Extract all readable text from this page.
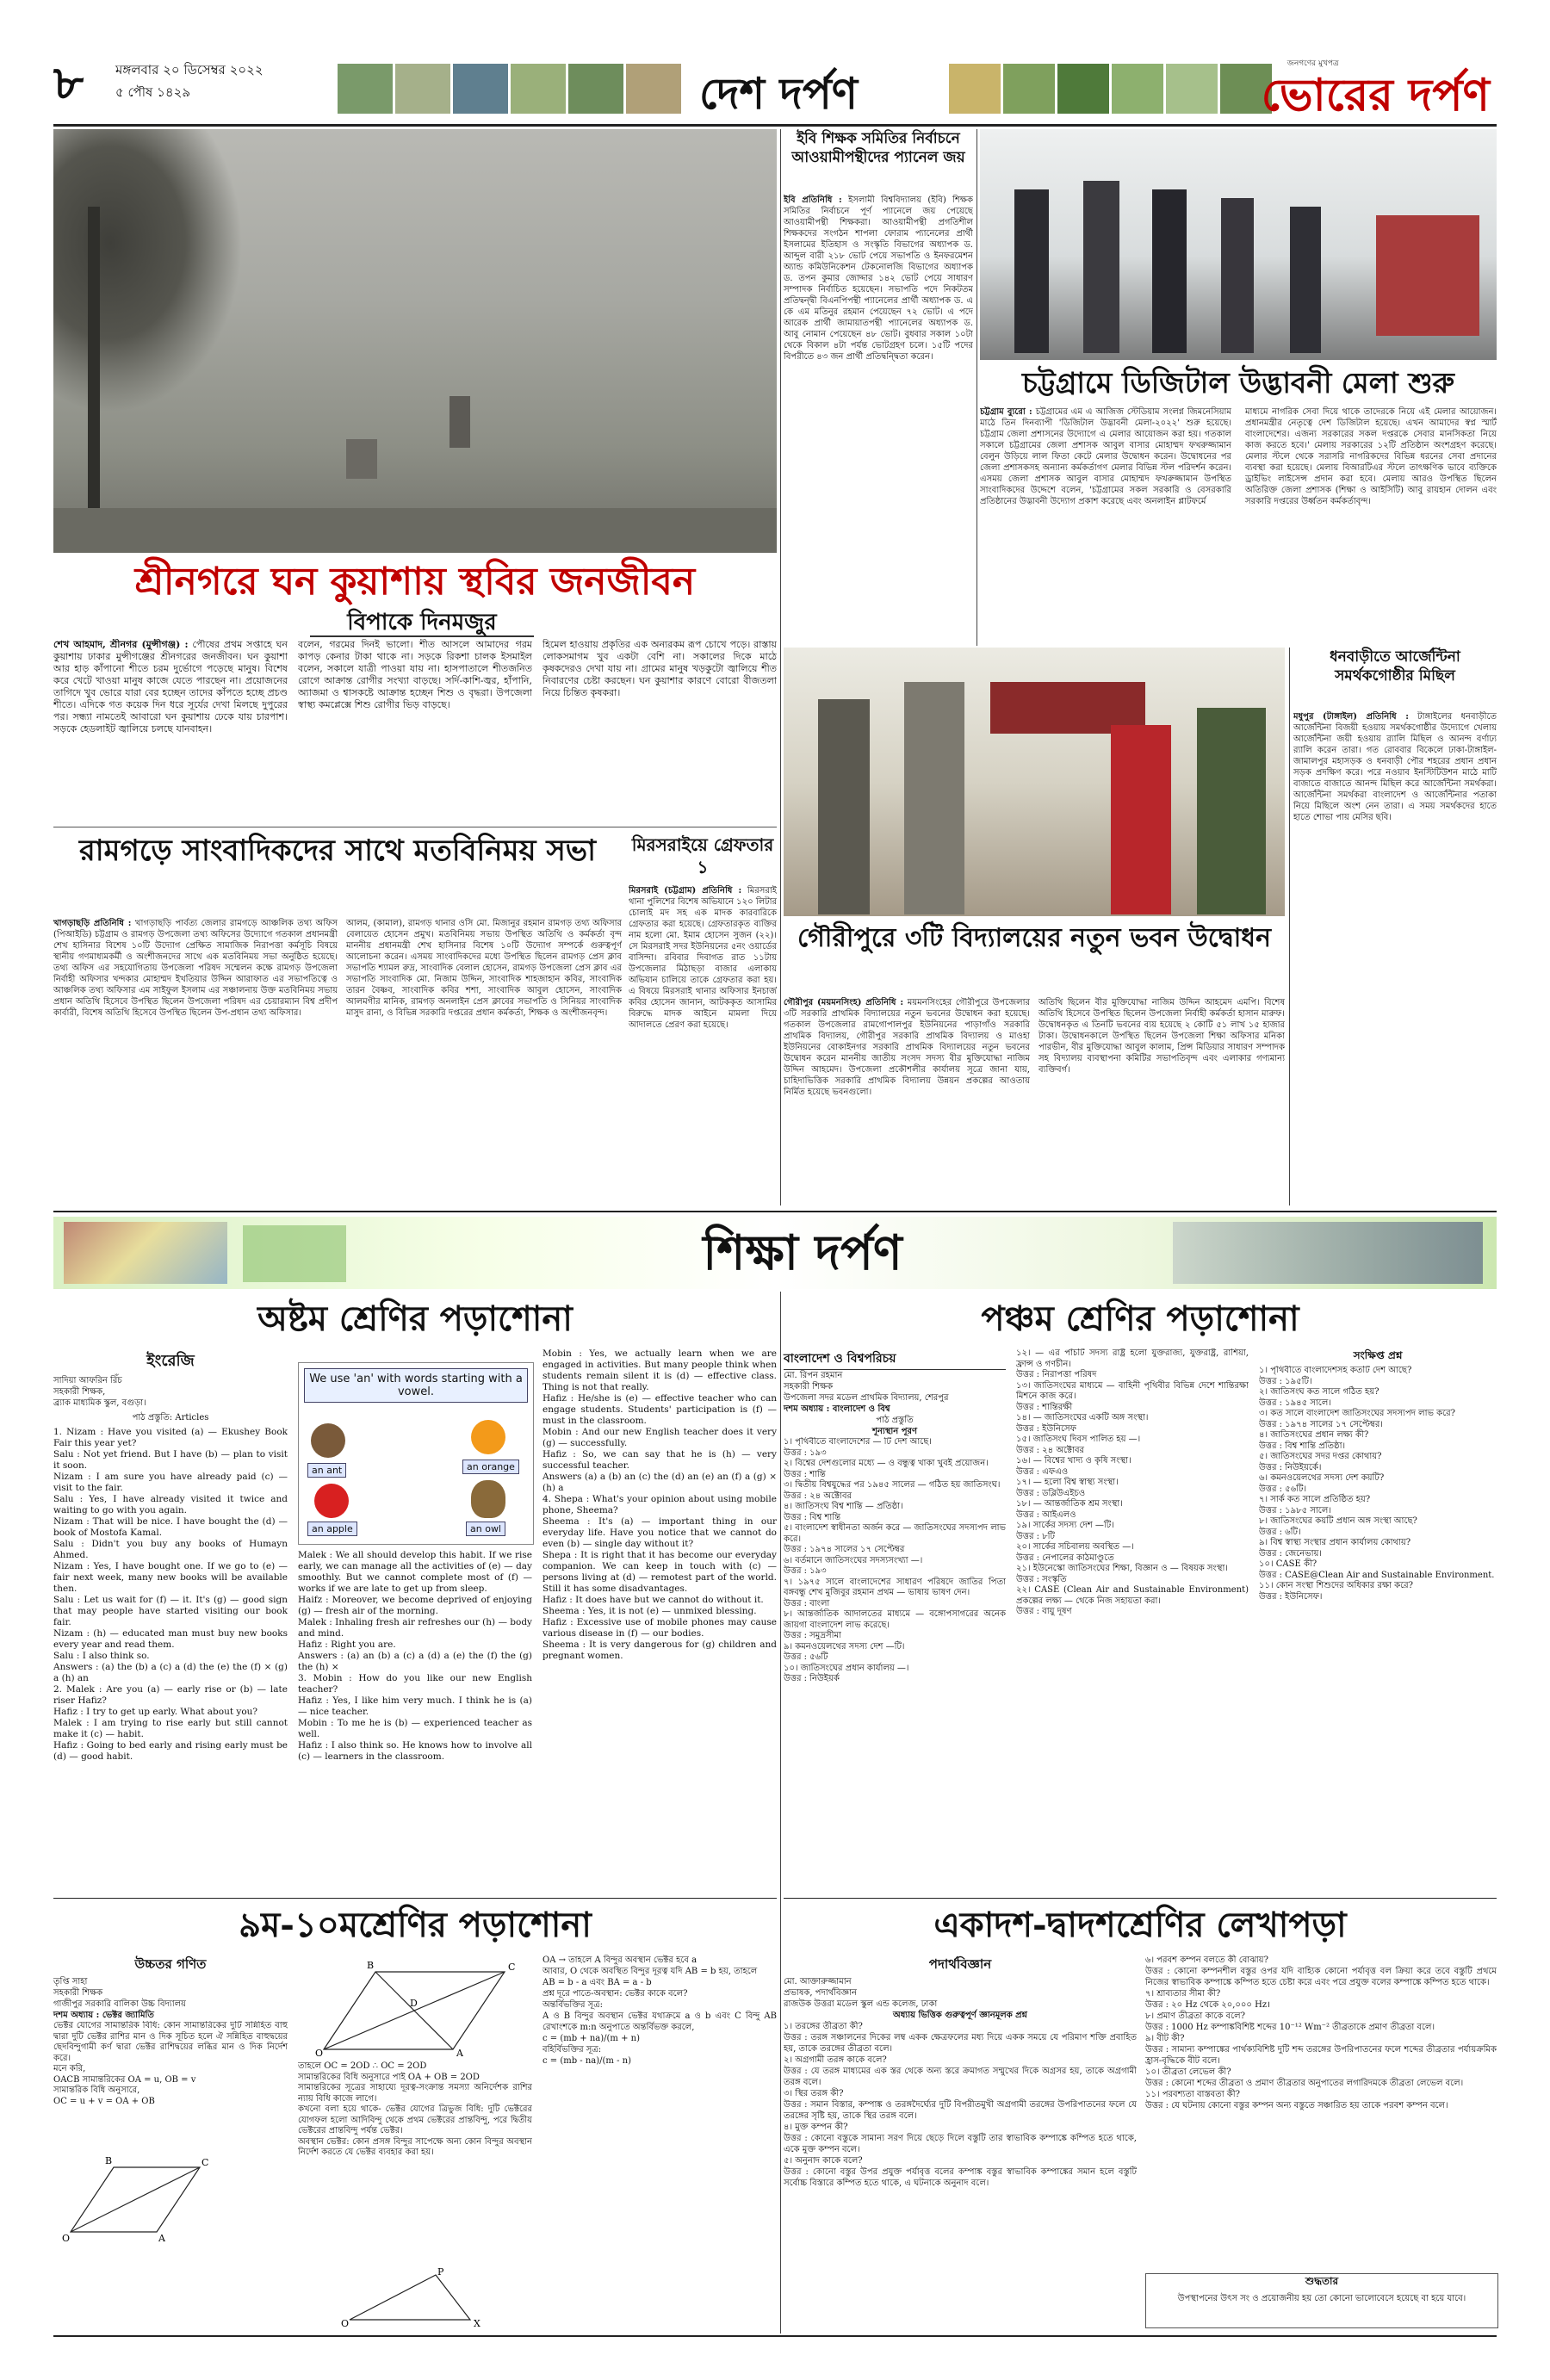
৮	মঙ্গলবার ২০ ডিসেম্বর ২০২২
৫ পৌষ ১৪২৯	দেশ দর্পণ
জনগণের মুখপত্র
ভোরের দর্পণ
শ্রীনগরে ঘন কুয়াশায় স্থবির জনজীবন
বিপাকে দিনমজুর
শেখ আহমাদ, শ্রীনগর (মুন্সীগঞ্জ) : পৌষের প্রথম সপ্তাহে ঘন কুয়াশায় ঢাকার মুন্সীগঞ্জের শ্রীনগরের জনজীবন। ঘন কুয়াশা আর হাড় কাঁপানো শীতে চরম দুর্ভোগে পড়েছে মানুষ। বিশেষ করে খেটে খাওয়া মানুষ কাজে যেতে পারছেন না। প্রয়োজনের তাগিদে খুব ভোরে যারা বের হচ্ছেন তাদের কাঁপতে হচ্ছে প্রচণ্ড শীতে। এদিকে গত কয়েক দিন ধরে সূর্যের দেখা মিলছে দুপুরের পর। সন্ধ্যা নামতেই আবারো ঘন কুয়াশায় ঢেকে যায় চারপাশ। সড়কে হেডলাইট জ্বালিয়ে চলছে যানবাহন।
বলেন, গরমের দিনই ভালো। শীত আসলে আমাদের গরম কাপড় কেনার টাকা থাকে না। সড়কে রিকশা চালক ইসমাইল বলেন, সকালে যাত্রী পাওয়া যায় না। হাসপাতালে শীতজনিত রোগে আক্রান্ত রোগীর সংখ্যা বাড়ছে। সর্দি-কাশি-জ্বর, হাঁপানি, অ্যাজমা ও শ্বাসকষ্টে আক্রান্ত হচ্ছেন শিশু ও বৃদ্ধরা। উপজেলা স্বাস্থ্য কমপ্লেক্সে শিশু রোগীর ভিড় বাড়ছে।
হিমেল হাওয়ায় প্রকৃতির এক অন্যরকম রূপ চোখে পড়ে। রাস্তায় লোকসমাগম খুব একটা বেশি না। সকালের দিকে মাঠে কৃষকদেরও দেখা যায় না। গ্রামের মানুষ খড়কুটো জ্বালিয়ে শীত নিবারণের চেষ্টা করছেন। ঘন কুয়াশার কারণে বোরো বীজতলা নিয়ে চিন্তিত কৃষকরা।
ইবি শিক্ষক সমিতির নির্বাচনে আওয়ামীপন্থীদের প্যানেল জয়
ইবি প্রতিনিধি : ইসলামী বিশ্ববিদ্যালয় (ইবি) শিক্ষক সমিতির নির্বাচনে পূর্ণ প্যানেলে জয় পেয়েছে আওয়ামীপন্থী শিক্ষকরা। আওয়ামীপন্থী প্রগতিশীল শিক্ষকদের সংগঠন শাপলা ফোরাম প্যানেলের প্রার্থী ইসলামের ইতিহাস ও সংস্কৃতি বিভাগের অধ্যাপক ড. আব্দুল বারী ২১৮ ভোট পেয়ে সভাপতি ও ইনফরমেশন অ্যান্ড কমিউনিকেশন টেকনোলজি বিভাগের অধ্যাপক ড. তপন কুমার জোদ্দার ১৪২ ভোট পেয়ে সাধারণ সম্পাদক নির্বাচিত হয়েছেন। সভাপতি পদে নিকটতম প্রতিদ্বন্দ্বী বিএনপিপন্থী প্যানেলের প্রার্থী অধ্যাপক ড. এ কে এম মতিনুর রহমান পেয়েছেন ৭২ ভোট। এ পদে আরেক প্রার্থী জামায়াতপন্থী প্যানেলের অধ্যাপক ড. আবু নোমান পেয়েছেন ৪৮ ভোট। বুধবার সকাল ১০টা থেকে বিকাল ৪টা পর্যন্ত ভোটগ্রহণ চলে। ১৫টি পদের বিপরীতে ৪৩ জন প্রার্থী প্রতিদ্বন্দ্বিতা করেন।
চট্টগ্রামে ডিজিটাল উদ্ভাবনী মেলা শুরু
চট্টগ্রাম ব্যুরো : চট্টগ্রামের এম এ আজিজ স্টেডিয়াম সংলগ্ন জিমনেসিয়াম মাঠে তিন দিনব্যাপী 'ডিজিটাল উদ্ভাবনী মেলা-২০২২' শুরু হয়েছে। চট্টগ্রাম জেলা প্রশাসনের উদ্যোগে এ মেলার আয়োজন করা হয়। গতকাল সকালে চট্টগ্রামের জেলা প্রশাসক আবুল বাসার মোহাম্মদ ফখরুজ্জামান বেলুন উড়িয়ে লাল ফিতা কেটে মেলার উদ্বোধন করেন। উদ্বোধনের পর জেলা প্রশাসকসহ অন্যান্য কর্মকর্তাগণ মেলার বিভিন্ন স্টল পরিদর্শন করেন। এসময় জেলা প্রশাসক আবুল বাসার মোহাম্মদ ফখরুজ্জামান উপস্থিত সাংবাদিকদের উদ্দেশে বলেন, 'চট্টগ্রামের সকল সরকারি ও বেসরকারি প্রতিষ্ঠানের উদ্ভাবনী উদ্যোগ প্রকাশ করেছে এবং অনলাইন প্লাটফর্মে
মাধ্যমে নাগরিক সেবা দিয়ে থাকে তাদেরকে নিয়ে এই মেলার আয়োজন। প্রধানমন্ত্রীর নেতৃত্বে দেশ ডিজিটাল হয়েছে। এখন আমাদের স্বপ্ন স্মার্ট বাংলাদেশের। এজন্য সরকারের সকল দপ্তরকে সেবার মানসিকতা নিয়ে কাজ করতে হবে।' মেলায় সরকারের ১২টি প্রতিষ্ঠান অংশগ্রহণ করেছে। মেলার স্টলে থেকে সরাসরি নাগরিকদের বিভিন্ন ধরনের সেবা প্রদানের ব্যবস্থা করা হয়েছে। মেলায় বিআরটিএর স্টলে তাৎক্ষণিক ভাবে ব্যক্তিকে ড্রাইভিং লাইসেন্স প্রদান করা হবে। মেলায় আরও উপস্থিত ছিলেন অতিরিক্ত জেলা প্রশাসক (শিক্ষা ও আইসিটি) আবু রায়হান দোলন এবং সরকারি দপ্তরের উর্ধ্বতন কর্মকর্তাবৃন্দ।
রামগড়ে সাংবাদিকদের সাথে মতবিনিময় সভা
খাগড়াছড়ি প্রতিনিধি : খাগড়াছড়ি পার্বত্য জেলার রামগড়ে আঞ্চলিক তথ্য অফিস (পিআইডি) চট্টগ্রাম ও রামগড় উপজেলা তথ্য অফিসের উদ্যোগে গতকাল প্রধানমন্ত্রী শেখ হাসিনার বিশেষ ১০টি উদ্যোগ প্রেক্ষিত সামাজিক নিরাপত্তা কর্মসূচি বিষয়ে স্থানীয় গণমাধ্যমকর্মী ও অংশীজনদের সাথে এক মতবিনিময় সভা অনুষ্ঠিত হয়েছে। তথ্য অফিস এর সহযোগিতায় উপজেলা পরিষদ সম্মেলন কক্ষে রামগড় উপজেলা নির্বাহী অফিসার খন্দকার মোহাম্মদ ইখতিয়ার উদ্দিন আরাফাত এর সভাপতিত্বে ও আঞ্চলিক তথ্য অফিসার এম সাইফুল ইসলাম এর সঞ্চালনায় উক্ত মতবিনিময় সভায় প্রধান অতিথি হিসেবে উপস্থিত ছিলেন উপজেলা পরিষদ এর চেয়ারম্যান বিশ্ব প্রদীপ কার্বারী, বিশেষ অতিথি হিসেবে উপস্থিত ছিলেন উপ-প্রধান তথ্য অফিসার।
আলম, (কামাল), রামগড় থানার ওসি মো. মিজানুর রহমান রামগড় তথ্য অফিসার বেলায়েত হোসেন প্রমুখ। মতবিনিময় সভায় উপস্থিত অতিথি ও কর্মকর্তা বৃন্দ মাননীয় প্রধানমন্ত্রী শেখ হাসিনার বিশেষ ১০টি উদ্যোগ সম্পর্কে গুরুত্বপূর্ণ আলোচনা করেন। এসময় সাংবাদিকদের মধ্যে উপস্থিত ছিলেন রামগড় প্রেস ক্লাব সভাপতি শ্যামল রুদ্র, সাংবাদিক বেলাল হোসেন, রামগড় উপজেলা প্রেস ক্লাব এর সভাপতি সাংবাদিক মো. নিজাম উদ্দিন, সাংবাদিক শাহজাহান কবির, সাংবাদিক তারন বৈষ্ণব, সাংবাদিক কবির শশা, সাংবাদিক আবুল হোসেন, সাংবাদিক আলমগীর মানিক, রামগড় অনলাইন প্রেস ক্লাবের সভাপতি ও সিনিয়র সাংবাদিক মাসুদ রানা, ও বিভিন্ন সরকারি দপ্তরের প্রধান কর্মকর্তা, শিক্ষক ও অংশীজনবৃন্দ।
মিরসরাইয়ে গ্রেফতার ১
মিরসরাই (চট্টগ্রাম) প্রতিনিধি : মিরসরাই থানা পুলিশের বিশেষ অভিযানে ১২০ লিটার চোলাই মদ সহ এক মাদক কারবারিকে গ্রেফতার করা হয়েছে। গ্রেফতারকৃত ব্যক্তির নাম হলো মো. ইমাম হোসেন সুজন (২২)। সে মিরসরাই সদর ইউনিয়নের ৫নং ওয়ার্ডের বাসিন্দা। রবিবার দিবাগত রাত ১১টায় উপজেলার মিঠাছড়া বাজার এলাকায় অভিযান চালিয়ে তাকে গ্রেফতার করা হয়। এ বিষয়ে মিরসরাই থানার অফিসার ইনচার্জ কবির হোসেন জানান, আটককৃত আসামির বিরুদ্ধে মাদক আইনে মামলা দিয়ে আদালতে প্রেরণ করা হয়েছে।
গৌরীপুরে ৩টি বিদ্যালয়ের নতুন ভবন উদ্বোধন
গৌরীপুর (ময়মনসিংহ) প্রতিনিধি : ময়মনসিংহের গৌরীপুরে উপজেলার ৩টি সরকারি প্রাথমিক বিদ্যালয়ের নতুন ভবনের উদ্বোধন করা হয়েছে। গতকাল উপজেলার রামগোপালপুর ইউনিয়নের পাড়াগাঁও সরকারি প্রাথমিক বিদ্যালয়, গৌরীপুর সরকারি প্রাথমিক বিদ্যালয় ও মাওহা ইউনিয়নের বোকাইনগর সরকারি প্রাথমিক বিদ্যালয়ের নতুন ভবনের উদ্বোধন করেন মাননীয় জাতীয় সংসদ সদস্য বীর মুক্তিযোদ্ধা নাজিম উদ্দিন আহমেদ। উপজেলা প্রকৌশলীর কার্যালয় সূত্রে জানা যায়, চাহিদাভিত্তিক সরকারি প্রাথমিক বিদ্যালয় উন্নয়ন প্রকল্পের আওতায় নির্মিত হয়েছে ভবনগুলো।
অতিথি ছিলেন বীর মুক্তিযোদ্ধা নাজিম উদ্দিন আহমেদ এমপি। বিশেষ অতিথি হিসেবে উপস্থিত ছিলেন উপজেলা নির্বাহী কর্মকর্তা হাসান মারুফ। উদ্বোধনকৃত এ তিনটি ভবনের ব্যয় হয়েছে ২ কোটি ৫১ লাখ ১৫ হাজার টাকা। উদ্বোধনকালে উপস্থিত ছিলেন উপজেলা শিক্ষা অফিসার মনিকা পারভীন, বীর মুক্তিযোদ্ধা আবুল কালাম, প্রিন্স মিডিয়ার সাধারণ সম্পাদক সহ বিদ্যালয় ব্যবস্থাপনা কমিটির সভাপতিবৃন্দ এবং এলাকার গণ্যমান্য ব্যক্তিবর্গ।
ধনবাড়ীতে আর্জেন্টিনা সমর্থকগোষ্ঠীর মিছিল
মধুপুর (টাঙ্গাইল) প্রতিনিধি : টাঙ্গাইলের ধনবাড়ীতে আর্জেন্টিনা বিজয়ী হওয়ায় সমর্থকগোষ্ঠীর উদ্যোগে খেলায় আর্জেন্টিনা জয়ী হওয়ায় র‍্যালি মিছিল ও আনন্দ বর্ণাঢ্য র‍্যালি করেন তারা। গত রোববার বিকেলে ঢাকা-টাঙ্গাইল-জামালপুর মহাসড়ক ও ধনবাড়ী পৌর শহরের প্রধান প্রধান সড়ক প্রদক্ষিণ করে। পরে নওয়াব ইনস্টিটিউশন মাঠে মাটি বাজাতে বাজাতে আনন্দ মিছিল করে আর্জেন্টিনা সমর্থকরা। আর্জেন্টিনা সমর্থকরা বাংলাদেশ ও আর্জেন্টিনার পতাকা নিয়ে মিছিলে অংশ নেন তারা। এ সময় সমর্থকদের হাতে হাতে শোভা পায় মেসির ছবি।
শিক্ষা দর্পণ
অষ্টম শ্রেণির পড়াশোনা
ইংরেজি
সাদিয়া আফরিন রিঁচ
সহকারী শিক্ষক,
ব্র্যাক মাধ্যমিক স্কুল, বগুড়া।
পাঠ প্রস্তুতি: Articles
1. Nizam : Have you visited (a) — Ekushey Book Fair this year yet?
Salu : Not yet friend. But I have (b) — plan to visit it soon.
Nizam : I am sure you have already paid (c) — visit to the fair.
Salu : Yes, I have already visited it twice and waiting to go with you again.
Nizam : That will be nice. I have bought the (d) — book of Mostofa Kamal.
Salu : Didn't you buy any books of Humayn Ahmed.
Nizam : Yes, I have bought one. If we go to (e) — fair next week, many new books will be available then.
Salu : Let us wait for (f) — it. It's (g) — good sign that may people have started visiting our book fair.
Nizam : (h) — educated man must buy new books every year and read them.
Salu : I also think so.
Answers : (a) the (b) a (c) a (d) the (e) the (f) × (g) a (h) an
2. Malek : Are you (a) — early rise or (b) — late riser Hafiz?
Hafiz : I try to get up early. What about you?
Malek : I am trying to rise early but still cannot make it (c) — habit.
Hafiz : Going to bed early and rising early must be (d) — good habit.
We use 'an' with words starting with a vowel.
an ant	an orange
an apple	an owl
Malek : We all should develop this habit. If we rise early, we can manage all the activities of (e) — day smoothly. But we cannot complete most of (f) — works if we are late to get up from sleep.
Haifz : Moreover, we become deprived of enjoying (g) — fresh air of the morning.
Malek : Inhaling fresh air refreshes our (h) — body and mind.
Hafiz : Right you are.
Answers : (a) an (b) a (c) a (d) a (e) the (f) the (g) the (h) ×
3. Mobin : How do you like our new English teacher?
Hafiz : Yes, I like him very much. I think he is (a) — nice teacher.
Mobin : To me he is (b) — experienced teacher as well.
Hafiz : I also think so. He knows how to involve all (c) — learners in the classroom.
Mobin : Yes, we actually learn when we are engaged in activities. But many people think when students remain silent it is (d) — effective class. Thing is not that really.
Hafiz : He/she is (e) — effective teacher who can engage students. Students' participation is (f) — must in the classroom.
Mobin : And our new English teacher does it very (g) — successfully.
Hafiz : So, we can say that he is (h) — very successful teacher.
Answers (a) a (b) an (c) the (d) an (e) an (f) a (g) × (h) a
4. Shepa : What's your opinion about using mobile phone, Sheema?
Sheema : It's (a) — important thing in our everyday life. Have you notice that we cannot do even (b) — single day without it?
Shepa : It is right that it has become our everyday companion. We can keep in touch with (c) — persons living at (d) — remotest part of the world. Still it has some disadvantages.
Hafiz : It does have but we cannot do without it.
Sheema : Yes, it is not (e) — unmixed blessing.
Hafiz : Excessive use of mobile phones may cause various disease in (f) — our bodies.
Sheema : It is very dangerous for (g) children and pregnant women.
পঞ্চম শ্রেণির পড়াশোনা
বাংলাদেশ ও বিশ্বপরিচয়
মো. রিপন রহমান
সহকারী শিক্ষক
উপজেলা সদর মডেল প্রাথমিক বিদ্যালয়, শেরপুর
দশম অধ্যায় : বাংলাদেশ ও বিশ্ব
পাঠ প্রস্তুতি
শূন্যস্থান পূরণ
১। পৃথিবীতে বাংলাদেশের — টি দেশ আছে।
উত্তর : ১৯৩
২। বিশ্বের দেশগুলোর মধ্যে — ও বন্ধুত্ব খাকা খুবই প্রয়োজন।
উত্তর : শান্তি
৩। দ্বিতীয় বিশ্বযুদ্ধের পর ১৯৪৫ সালের — গঠিত হয় জাতিসংঘ।
উত্তর : ২৪ অক্টোবর
৪। জাতিসংঘ বিশ্ব শান্তি — প্রতিষ্ঠা।
উত্তর : বিশ্ব শান্তি
৫। বাংলাদেশ স্বাধীনতা অর্জন করে — জাতিসংঘের সদস্যপদ লাভ করে।
উত্তর : ১৯৭৪ সালের ১৭ সেপ্টেম্বর
৬। বর্তমানে জাতিসংঘের সদস্যসংখ্যা —।
উত্তর : ১৯৩
৭। ১৯৭৫ সালে বাংলাদেশের সাধারণ পরিষদে জাতির পিতা বঙ্গবন্ধু শেখ মুজিবুর রহমান প্রথম — ভাষায় ভাষণ দেন।
উত্তর : বাংলা
৮। আন্তর্জাতিক আদালতের মাধ্যমে — বঙ্গোপসাগরের অনেক জায়গা বাংলাদেশ লাভ করেছে।
উত্তর : সমুদ্রসীমা
৯। কমনওয়েলথের সদস্য দেশ —টি।
উত্তর : ৫৬টি
১০। জাতিসংঘের প্রধান কার্যালয় —।
উত্তর : নিউইয়র্ক
১২। — এর পাঁচটি সদস্য রাষ্ট্র হলো যুক্তরাজ্য, যুক্তরাষ্ট্র, রাশিয়া, ফ্রান্স ও গণচীন।
উত্তর : নিরাপত্তা পরিষদ
১৩। জাতিসংঘের মাধ্যমে — বাহিনী পৃথিবীর বিভিন্ন দেশে শান্তিরক্ষা মিশনে কাজ করে।
উত্তর : শান্তিরক্ষী
১৪। — জাতিসংঘের একটি অঙ্গ সংস্থা।
উত্তর : ইউনিসেফ
১৫। জাতিসংঘ দিবস পালিত হয় —।
উত্তর : ২৪ অক্টোবর
১৬। — বিশ্বের খাদ্য ও কৃষি সংস্থা।
উত্তর : এফএও
১৭। — হলো বিশ্ব স্বাস্থ্য সংস্থা।
উত্তর : ডব্লিউএইচও
১৮। — আন্তর্জাতিক শ্রম সংস্থা।
উত্তর : আইএলও
১৯। সার্কের সদস্য দেশ —টি।
উত্তর : ৮টি
২০। সার্কের সচিবালয় অবস্থিত —।
উত্তর : নেপালের কাঠমাণ্ডুতে
২১। ইউনেস্কো জাতিসংঘের শিক্ষা, বিজ্ঞান ও — বিষয়ক সংস্থা।
উত্তর : সংস্কৃতি
২২। CASE (Clean Air and Sustainable Environment) প্রকল্পের লক্ষ্য — থেকে নিজ সহায়তা করা।
উত্তর : বায়ু দূষণ
সংক্ষিপ্ত প্রশ্ন
১। পৃথিবীতে বাংলাদেশসহ কতটি দেশ আছে?
উত্তর : ১৯৫টি।
২। জাতিসংঘ কত সালে গঠিত হয়?
উত্তর : ১৯৪৫ সালে।
৩। কত সালে বাংলাদেশ জাতিসংঘের সদস্যপদ লাভ করে?
উত্তর : ১৯৭৪ সালের ১৭ সেপ্টেম্বর।
৪। জাতিসংঘের প্রধান লক্ষ্য কী?
উত্তর : বিশ্ব শান্তি প্রতিষ্ঠা।
৫। জাতিসংঘের সদর দপ্তর কোথায়?
উত্তর : নিউইয়র্কে।
৬। কমনওয়েলথের সদস্য দেশ কয়টি?
উত্তর : ৫৬টি।
৭। সার্ক কত সালে প্রতিষ্ঠিত হয়?
উত্তর : ১৯৮৫ সালে।
৮। জাতিসংঘের কয়টি প্রধান অঙ্গ সংস্থা আছে?
উত্তর : ৬টি।
৯। বিশ্ব স্বাস্থ্য সংস্থার প্রধান কার্যালয় কোথায়?
উত্তর : জেনেভায়।
১০। CASE কী?
উত্তর : CASE@Clean Air and Sustainable Environment.
১১। কোন সংস্থা শিশুদের অধিকার রক্ষা করে?
উত্তর : ইউনিসেফ।
৯ম-১০মশ্রেণির পড়াশোনা
উচ্চতর গণিত
তৃপ্তি সাহা
সহকারী শিক্ষক
গাজীপুর সরকারি বালিকা উচ্চ বিদ্যালয়
দশম অধ্যায় : ভেক্টর জ্যামিতি
ভেক্টর যোগের সামান্তরিক বিধি: কোন সামান্তরিকের দুটি সন্নিহিত বাহু দ্বারা দুটি ভেক্টর রাশির মান ও দিক সূচিত হলে ঐ সন্নিহিত বাহুদ্বয়ের ছেদবিন্দুগামী কর্ণ দ্বারা ভেক্টর রাশিদ্বয়ের লব্ধির মান ও দিক নির্দেশ করে।
মনে করি,
OACB সামান্তরিকের OA = u, OB = v
সামান্তরিক বিধি অনুসারে,
OC = u + v = OA + OB
O	A
C
B
O	A
C
B
D
তাহলে OC = 2OD ∴ OC = 2OD
সামান্তরিকের বিধি অনুসারে পাই OA + OB = 2OD
সামান্তরিকের সূত্রের সাহায্যে দূরত্ব-সংক্রান্ত সমস্যা অনির্দেশক রাশির ন্যায় বিধি কাজে লাগে।
কখনো বলা হয়ে থাকে- ভেক্টর যোগের ত্রিভুজ বিধি: দুটি ভেক্টরের যোগফল হলো আদিবিন্দু থেকে প্রথম ভেক্টরের প্রান্তবিন্দু, পরে দ্বিতীয় ভেক্টরের প্রান্তবিন্দু পর্যন্ত ভেক্টর।
অবস্থান ভেক্টর: কোন প্রসঙ্গ বিন্দুর সাপেক্ষে অন্য কোন বিন্দুর অবস্থান নির্দেশ করতে যে ভেক্টর ব্যবহার করা হয়।
O	X
P
OA → তাহলে A বিন্দুর অবস্থান ভেক্টর হবে a
আবার, O থেকে অবস্থিত বিন্দুর দূরত্ব যদি AB = b হয়, তাহলে
AB = b - a এবং BA = a - b
প্রশ্ন দূরে পাতে-অবস্থান: ভেক্টর কাকে বলে?
অন্তর্বিভক্তির সূত্র:
A ও B বিন্দুর অবস্থান ভেক্টর যথাক্রমে a ও b এবং C বিন্দু AB রেখাংশকে m:n অনুপাতে অন্তর্বিভক্ত করলে,
c = (mb + na)/(m + n)
বহির্বিভক্তির সূত্র:
c = (mb - na)/(m - n)
একাদশ-দ্বাদশশ্রেণির লেখাপড়া
পদার্থবিজ্ঞান
মো. আক্তারুজ্জামান
প্রভাষক, পদার্থবিজ্ঞান
রাজউক উত্তরা মডেল স্কুল এন্ড কলেজ, ঢাকা
অধ্যায় ভিত্তিক গুরুত্বপূর্ণ জ্ঞানমূলক প্রশ্ন
১। তরঙ্গের তীব্রতা কী?
উত্তর : তরঙ্গ সঞ্চালনের দিকের লম্ব একক ক্ষেত্রফলের মধ্য দিয়ে একক সময়ে যে পরিমাণ শক্তি প্রবাহিত হয়, তাকে তরঙ্গের তীব্রতা বলে।
২। অগ্রগামী তরঙ্গ কাকে বলে?
উত্তর : যে তরঙ্গ মাধ্যমের এক স্তর থেকে অন্য স্তরে ক্রমাগত সম্মুখের দিকে অগ্রসর হয়, তাকে অগ্রগামী তরঙ্গ বলে।
৩। স্থির তরঙ্গ কী?
উত্তর : সমান বিস্তার, কম্পাঙ্ক ও তরঙ্গদৈর্ঘ্যের দুটি বিপরীতমুখী অগ্রগামী তরঙ্গের উপরিপাতনের ফলে যে তরঙ্গের সৃষ্টি হয়, তাকে স্থির তরঙ্গ বলে।
৪। মুক্ত কম্পন কী?
উত্তর : কোনো বস্তুকে সামান্য সরণ দিয়ে ছেড়ে দিলে বস্তুটি তার স্বাভাবিক কম্পাঙ্কে কম্পিত হতে থাকে, একে মুক্ত কম্পন বলে।
৫। অনুনাদ কাকে বলে?
উত্তর : কোনো বস্তুর উপর প্রযুক্ত পর্যাবৃত্ত বলের কম্পাঙ্ক বস্তুর স্বাভাবিক কম্পাঙ্কের সমান হলে বস্তুটি সর্বোচ্চ বিস্তারে কম্পিত হতে থাকে, এ ঘটনাকে অনুনাদ বলে।
৬। পরবশ কম্পন বলতে কী বোঝায়?
উত্তর : কোনো কম্পনশীল বস্তুর ওপর যদি বাহ্যিক কোনো পর্যাবৃত্ত বল ক্রিয়া করে তবে বস্তুটি প্রথমে নিজের স্বাভাবিক কম্পাঙ্কে কম্পিত হতে চেষ্টা করে এবং পরে প্রযুক্ত বলের কম্পাঙ্কে কম্পিত হতে থাকে।
৭। শ্রাব্যতার সীমা কী?
উত্তর : ২০ Hz থেকে ২০,০০০ Hz।
৮। প্রমাণ তীব্রতা কাকে বলে?
উত্তর : 1000 Hz কম্পাঙ্কবিশিষ্ট শব্দের 10⁻¹² Wm⁻² তীব্রতাকে প্রমাণ তীব্রতা বলে।
৯। বীট কী?
উত্তর : সামান্য কম্পাঙ্কের পার্থক্যবিশিষ্ট দুটি শব্দ তরঙ্গের উপরিপাতনের ফলে শব্দের তীব্রতার পর্যায়ক্রমিক হ্রাস-বৃদ্ধিকে বীট বলে।
১০। তীব্রতা লেভেল কী?
উত্তর : কোনো শব্দের তীব্রতা ও প্রমাণ তীব্রতার অনুপাতের লগারিদমকে তীব্রতা লেভেল বলে।
১১। পরবশ্যতা বাস্তবতা কী?
উত্তর : যে ঘটনায় কোনো বস্তুর কম্পন অন্য বস্তুতে সঞ্চারিত হয় তাকে পরবশ কম্পন বলে।
শুদ্ধতার
উপস্থাপনের উৎস সং ও প্রয়োজনীয় হয় তো কোনো ভালোবেসে হয়েছে বা হয়ে যাবে।
